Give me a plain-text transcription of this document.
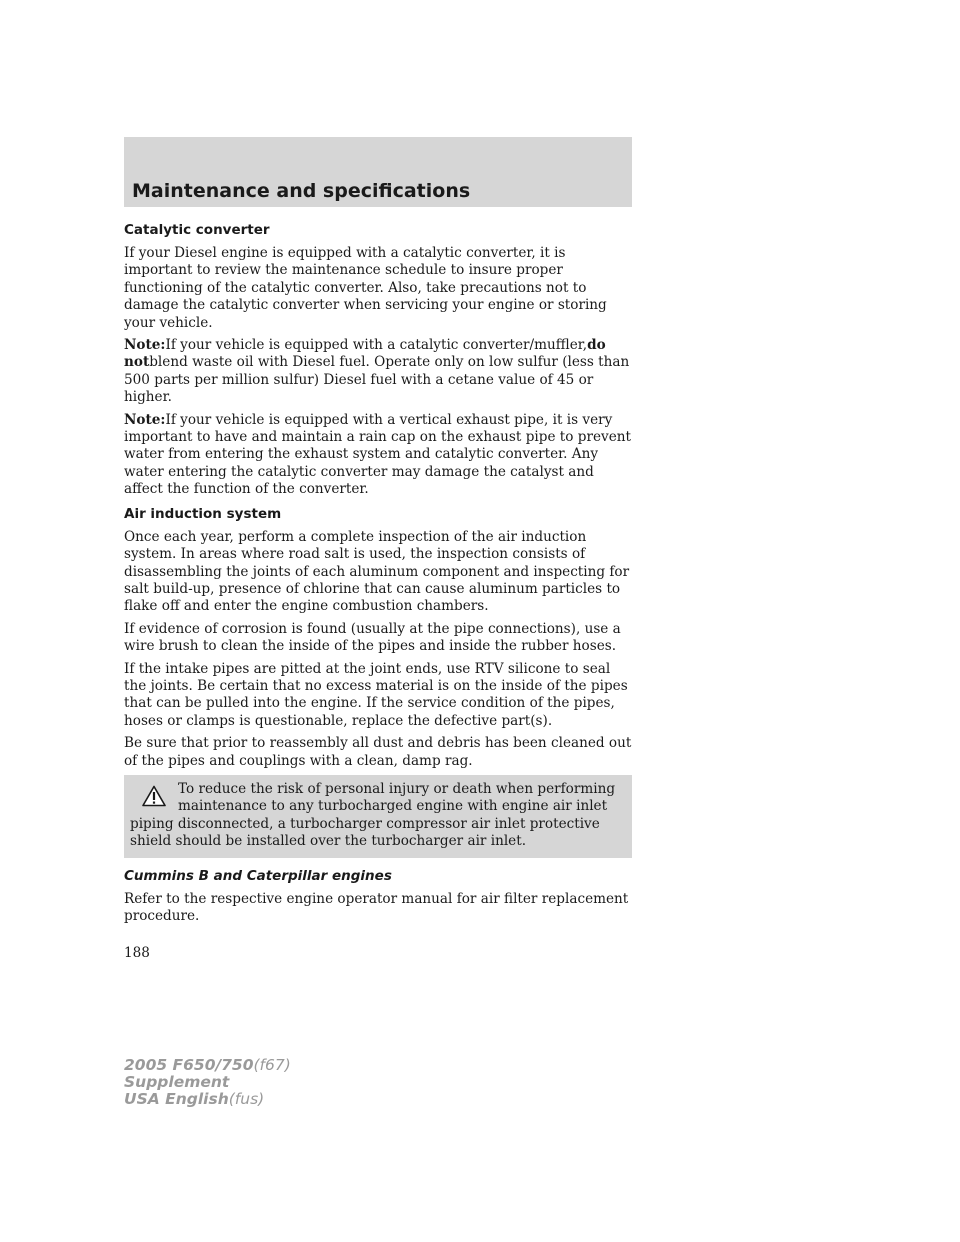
Maintenance and specifications
Catalytic converter

If your Diesel engine is equipped with a catalytic converter, it is important to review the maintenance schedule to insure proper functioning of the catalytic converter. Also, take precautions not to damage the catalytic converter when servicing your engine or storing your vehicle.

Note:If your vehicle is equipped with a catalytic converter/muffler,do notblend waste oil with Diesel fuel. Operate only on low sulfur (less than 500 parts per million sulfur) Diesel fuel with a cetane value of 45 or higher.

Note:If your vehicle is equipped with a vertical exhaust pipe, it is very important to have and maintain a rain cap on the exhaust pipe to prevent water from entering the exhaust system and catalytic converter. Any water entering the catalytic converter may damage the catalyst and affect the function of the converter.

Air induction system

Once each year, perform a complete inspection of the air induction system. In areas where road salt is used, the inspection consists of disassembling the joints of each aluminum component and inspecting for salt build-up, presence of chlorine that can cause aluminum particles to flake off and enter the engine combustion chambers.

If evidence of corrosion is found (usually at the pipe connections), use a wire brush to clean the inside of the pipes and inside the rubber hoses.

If the intake pipes are pitted at the joint ends, use RTV silicone to seal the joints. Be certain that no excess material is on the inside of the pipes that can be pulled into the engine. If the service condition of the pipes, hoses or clamps is questionable, replace the defective part(s).

Be sure that prior to reassembly all dust and debris has been cleaned out of the pipes and couplings with a clean, damp rag.

To reduce the risk of personal injury or death when performing maintenance to any turbocharged engine with engine air inlet piping disconnected, a turbocharger compressor air inlet protective shield should be installed over the turbocharger air inlet.

Cummins B and Caterpillar engines

Refer to the respective engine operator manual for air filter replacement procedure.

188
2005 F650/750(f67)
Supplement
USA English(fus)
